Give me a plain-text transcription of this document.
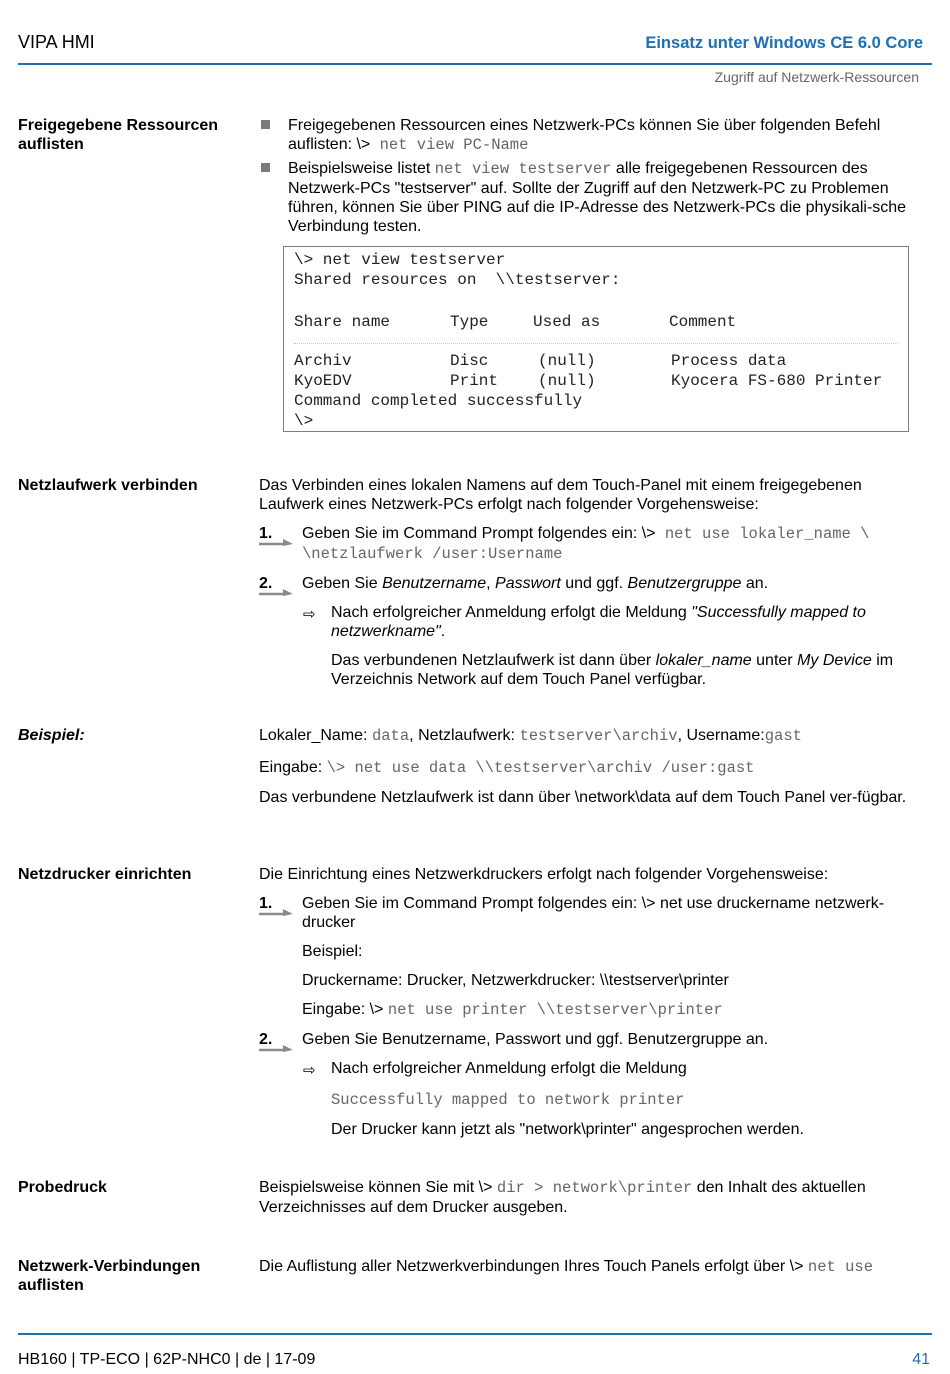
VIPA HMI	Einsatz unter Windows CE 6.0 Core
Zugriff auf Netzwerk-Ressourcen
Freigegebene Ressourcen auflisten
Freigegebenen Ressourcen eines Netzwerk-PCs können Sie über folgenden Befehl auflisten: \> net view PC-Name
Beispielsweise listet net view testserver alle freigegebenen Ressourcen des Netzwerk-PCs "testserver" auf. Sollte der Zugriff auf den Netzwerk-PC zu Problemen führen, können Sie über PING auf die IP-Adresse des Netzwerk-PCs die physikali-sche Verbindung testen.
\> net view testserver
Shared resources on  \\testserver:
Share name	Type	Used as	Comment
Archiv	Disc	(null)	Process data
KyoEDV	Print (null)	Kyocera FS-680 Printer
Command completed successfully
\>
Netzlaufwerk verbinden	Das Verbinden eines lokalen Namens auf dem Touch-Panel mit einem freigegebenen Laufwerk eines Netzwerk-PCs erfolgt nach folgender Vorgehensweise:
1.	Geben Sie im Command Prompt folgendes ein: \> net use lokaler_name \
\netzlaufwerk /user:Username
2.	Geben Sie Benutzername, Passwort und ggf. Benutzergruppe an.
⇨ Nach erfolgreicher Anmeldung erfolgt die Meldung "Successfully mapped to netzwerkname".
Das verbundenen Netzlaufwerk ist dann über lokaler_name unter My Device im Verzeichnis Network auf dem Touch Panel verfügbar.
Beispiel:	Lokaler_Name: data, Netzlaufwerk: testserver\archiv, Username:gast
Eingabe: \> net use data \\testserver\archiv /user:gast
Das verbundene Netzlaufwerk ist dann über \network\data auf dem Touch Panel ver-fügbar.
Netzdrucker einrichten	Die Einrichtung eines Netzwerkdruckers erfolgt nach folgender Vorgehensweise:
1.	Geben Sie im Command Prompt folgendes ein: \> net use druckername netzwerk-drucker
Beispiel:
Druckername: Drucker, Netzwerkdrucker: \\testserver\printer
Eingabe: \> net use printer \\testserver\printer
2.	Geben Sie Benutzername, Passwort und ggf. Benutzergruppe an.
⇨ Nach erfolgreicher Anmeldung erfolgt die Meldung
Successfully mapped to network printer
Der Drucker kann jetzt als "network\printer" angesprochen werden.
Probedruck	Beispielsweise können Sie mit \> dir > network\printer den Inhalt des aktuellen Verzeichnisses auf dem Drucker ausgeben.
Netzwerk-Verbindungen auflisten
Die Auflistung aller Netzwerkverbindungen Ihres Touch Panels erfolgt über \> net use
HB160 | TP-ECO | 62P-NHC0 | de | 17-09	41
